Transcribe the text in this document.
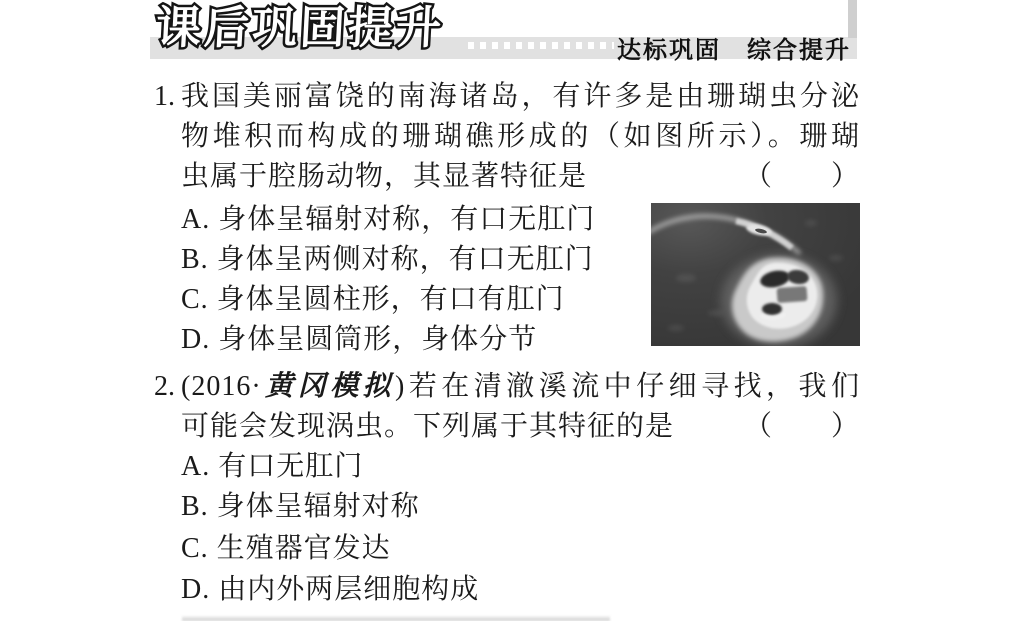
课后巩固提升	达标巩固　综合提升
1. 我国美丽富饶的南海诸岛，有许多是由珊瑚虫分泌
物堆积而构成的珊瑚礁形成的（如图所示）。珊瑚
虫属于腔肠动物，其显著特征是	（　　）
A. 身体呈辐射对称，有口无肛门
B. 身体呈两侧对称，有口无肛门
C. 身体呈圆柱形，有口有肛门
D. 身体呈圆筒形，身体分节
2. (2016·黄冈模拟)若在清澈溪流中仔细寻找，我们
可能会发现涡虫。下列属于其特征的是 （　　）
A. 有口无肛门
B. 身体呈辐射对称
C. 生殖器官发达
D. 由内外两层细胞构成
